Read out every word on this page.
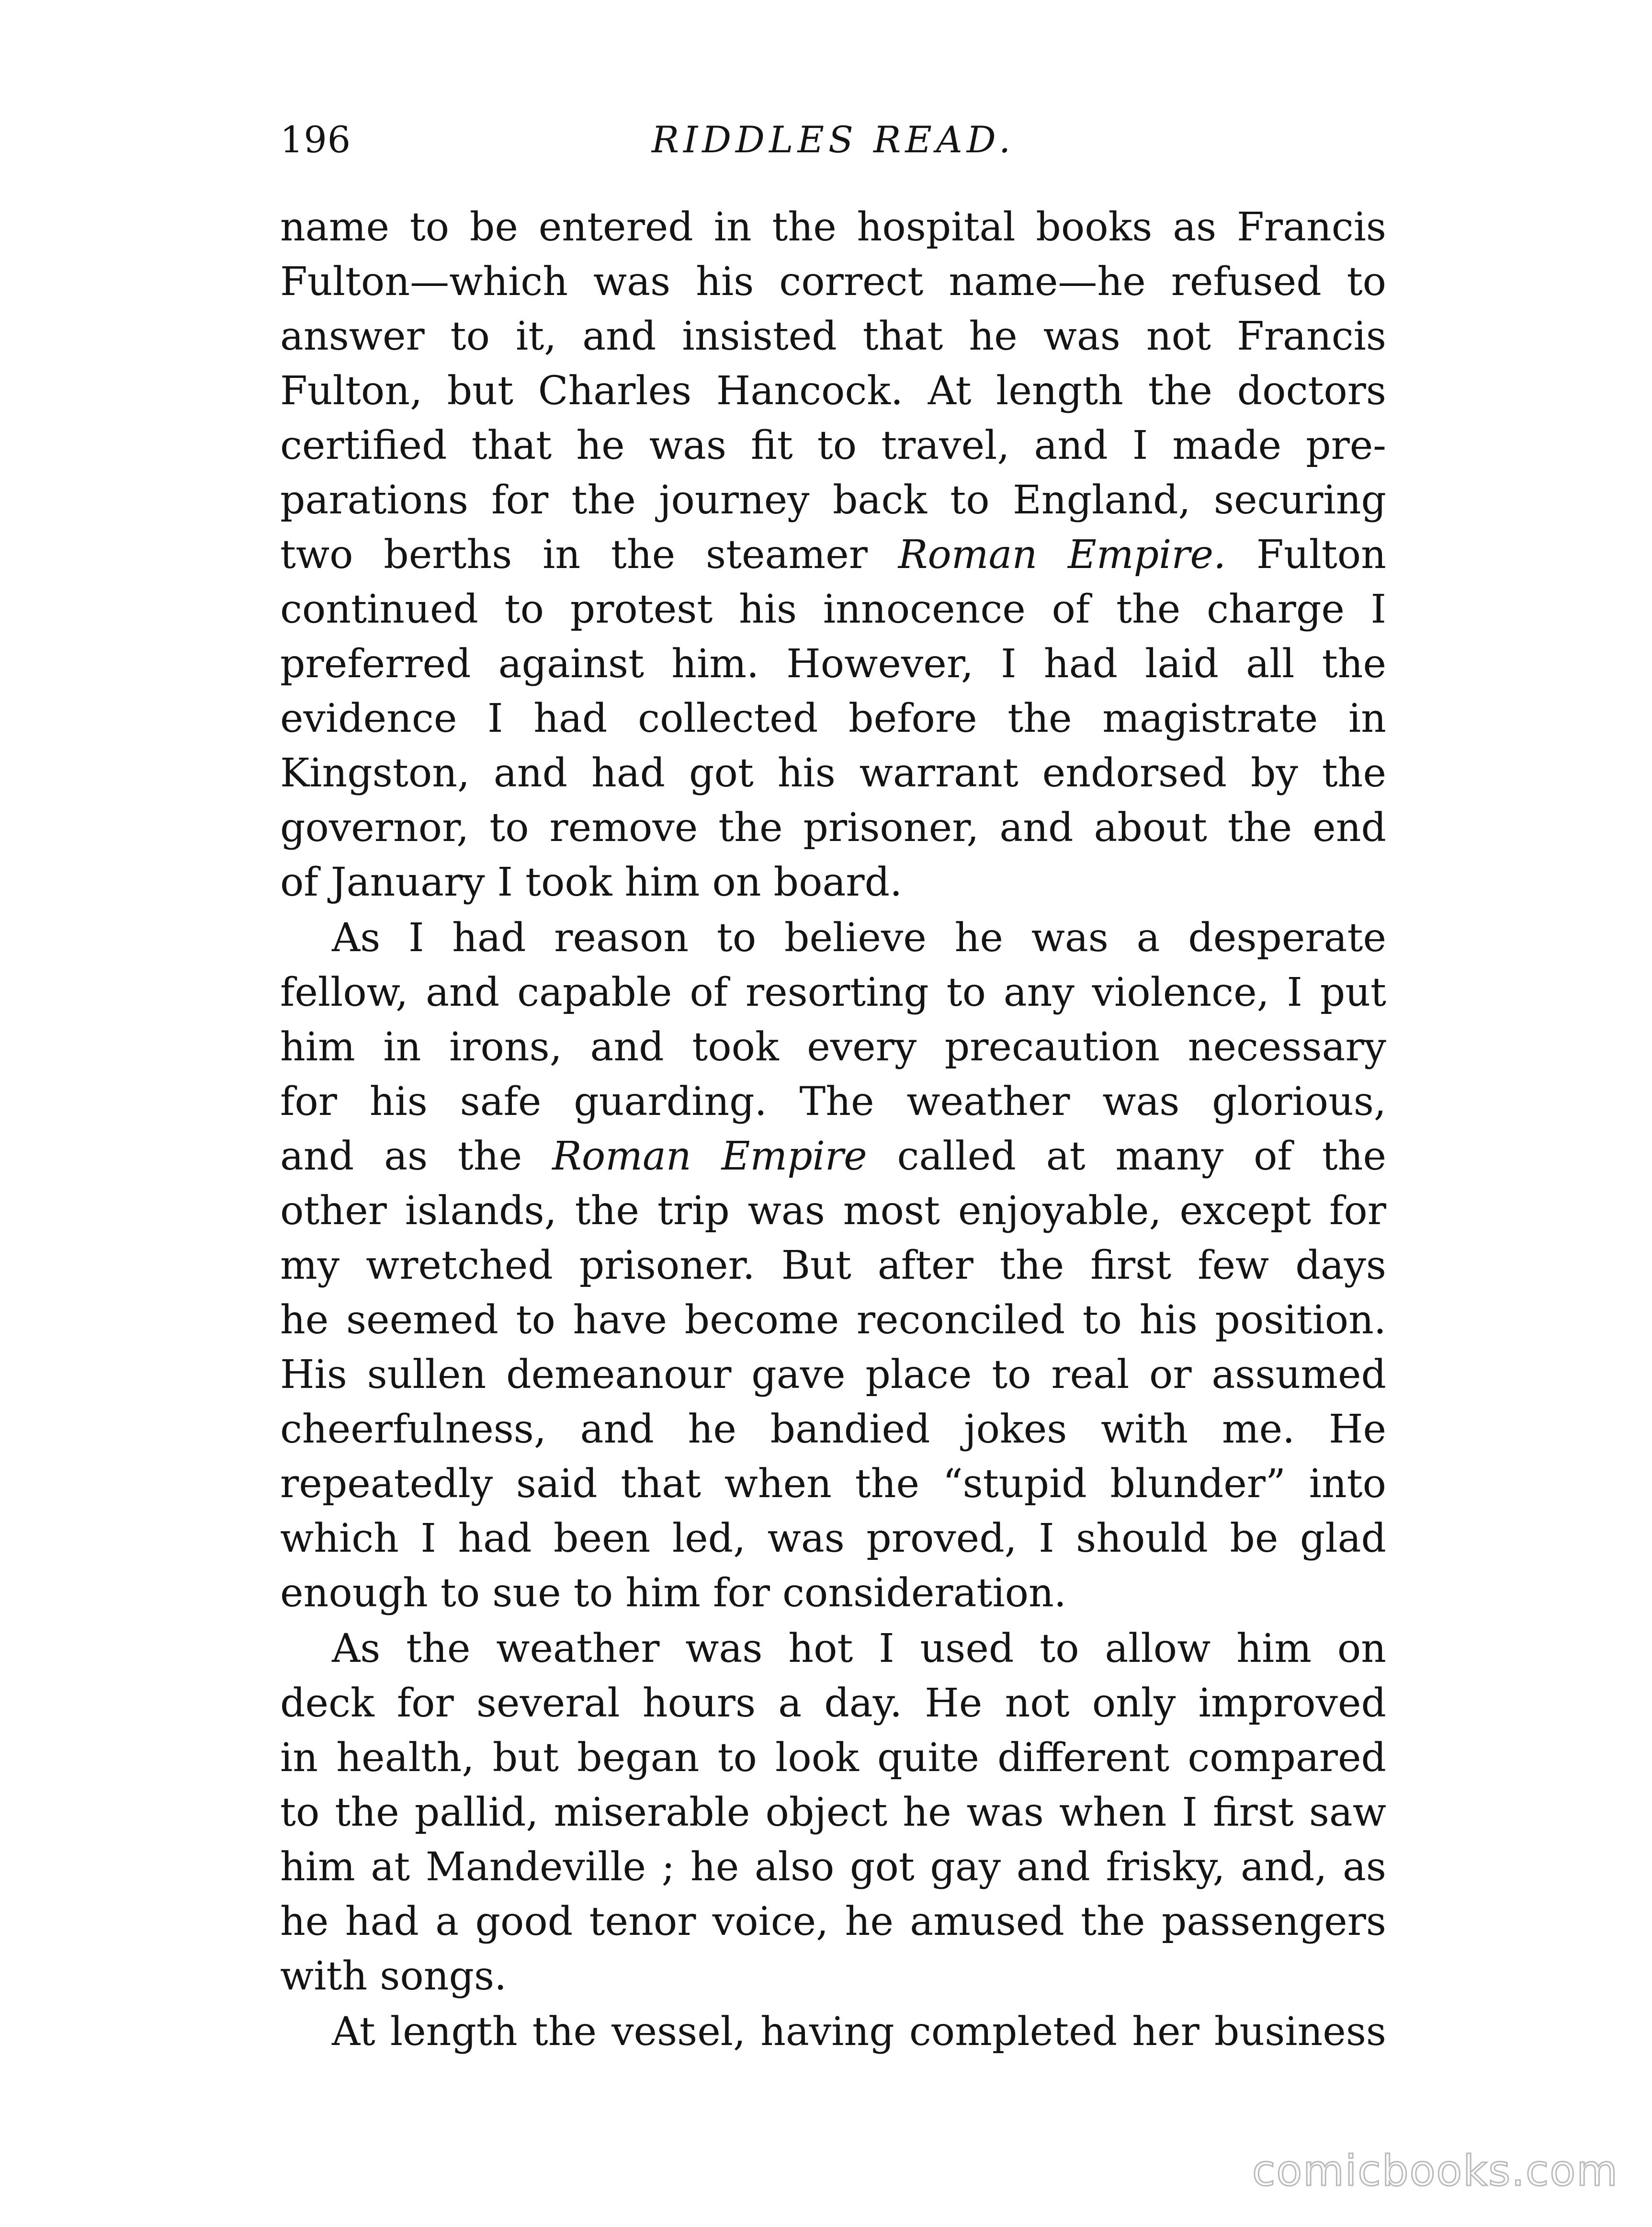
196	RIDDLES READ.
name to be entered in the hospital books as Francis
Fulton—which was his correct name—he refused to
answer to it, and insisted that he was not Francis
Fulton, but Charles Hancock. At length the doctors
certified that he was fit to travel, and I made pre-
parations for the journey back to England, securing
two berths in the steamer Roman Empire. Fulton
continued to protest his innocence of the charge I
preferred against him. However, I had laid all the
evidence I had collected before the magistrate in
Kingston, and had got his warrant endorsed by the
governor, to remove the prisoner, and about the end
of January I took him on board.
As I had reason to believe he was a desperate
fellow, and capable of resorting to any violence, I put
him in irons, and took every precaution necessary
for his safe guarding. The weather was glorious,
and as the Roman Empire called at many of the
other islands, the trip was most enjoyable, except for
my wretched prisoner. But after the first few days
he seemed to have become reconciled to his position.
His sullen demeanour gave place to real or assumed
cheerfulness, and he bandied jokes with me. He
repeatedly said that when the “stupid blunder” into
which I had been led, was proved, I should be glad
enough to sue to him for consideration.
As the weather was hot I used to allow him on
deck for several hours a day. He not only improved
in health, but began to look quite different compared
to the pallid, miserable object he was when I first saw
him at Mandeville ; he also got gay and frisky, and, as
he had a good tenor voice, he amused the passengers
with songs.
At length the vessel, having completed her business
comicbooks.com
